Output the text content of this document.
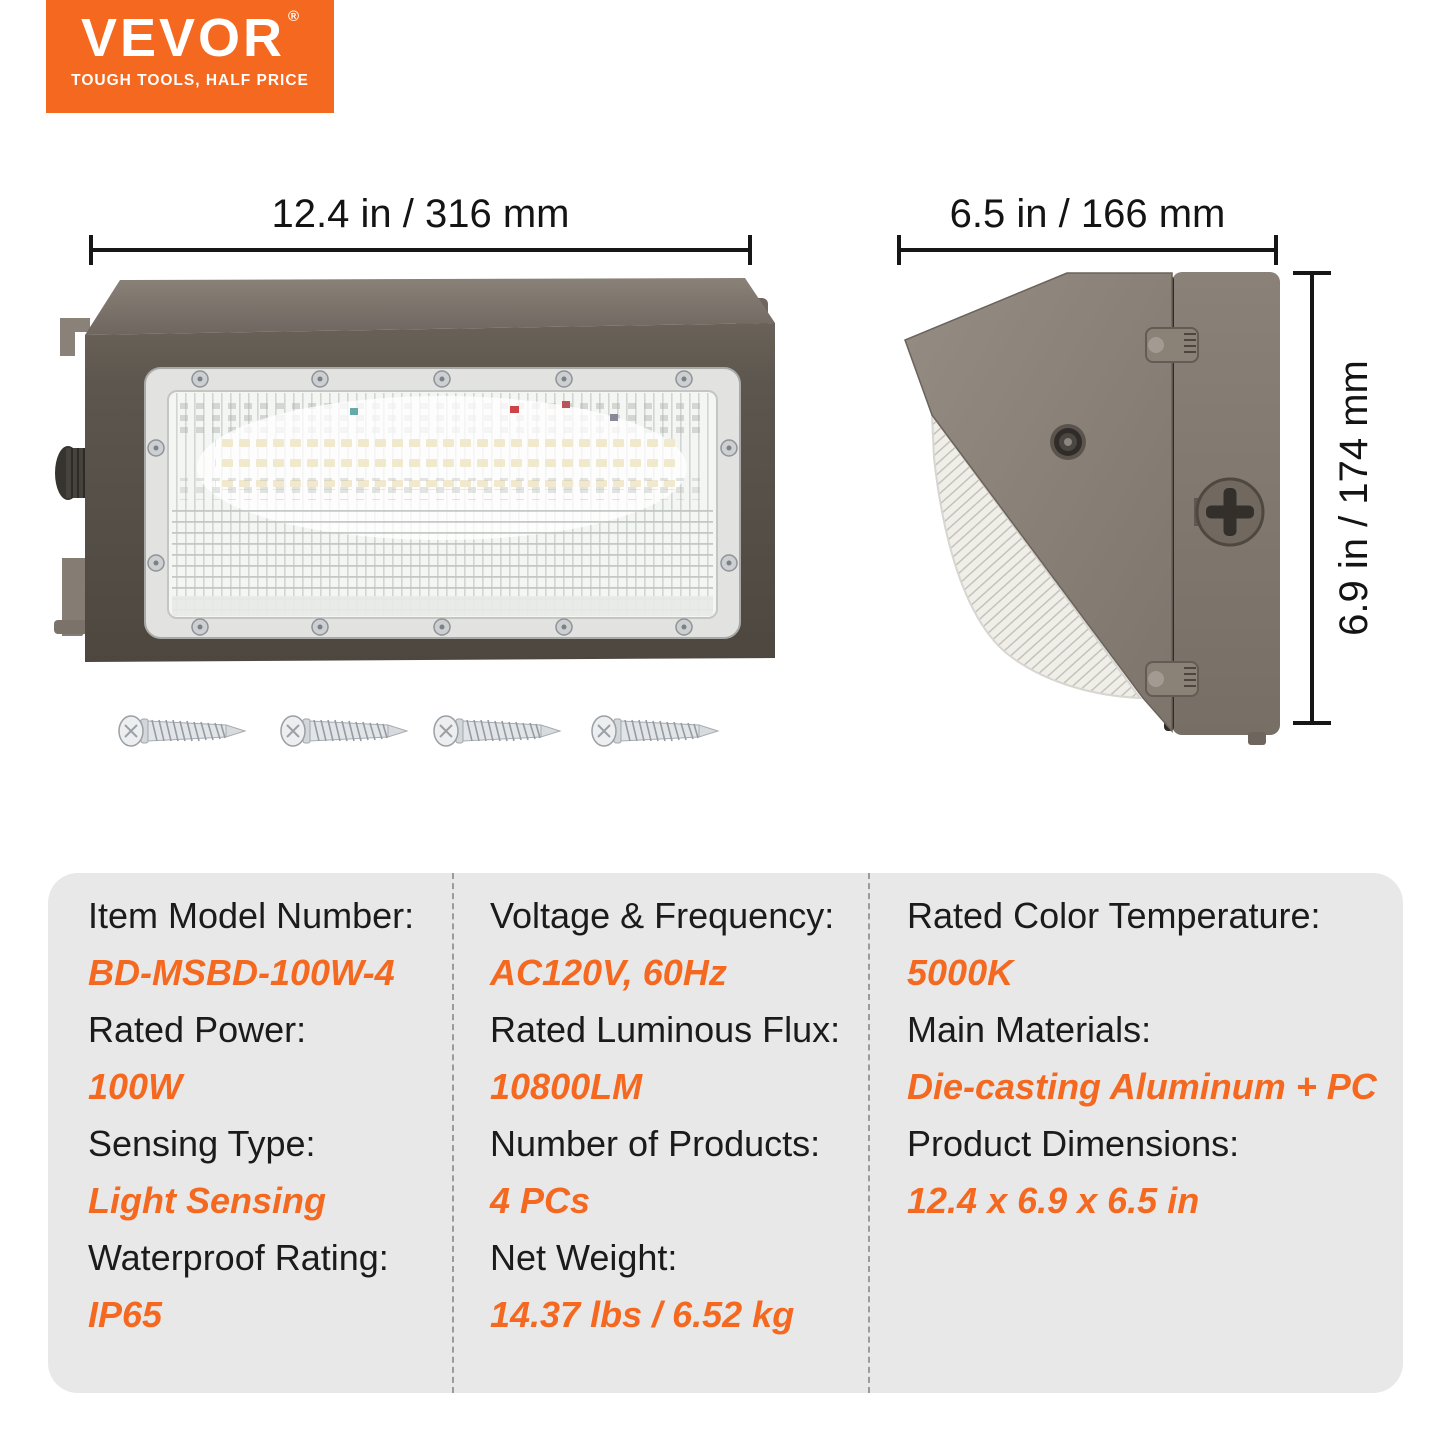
VEVOR ®
TOUGH TOOLS, HALF PRICE
12.4 in / 316 mm	6.5 in / 166 mm
6.9 in / 174 mm

Item Model Number:

BD-MSBD-100W-4

Rated Power:

100W

Sensing Type:

Light Sensing

Waterproof Rating:

IP65

Voltage & Frequency:

AC120V, 60Hz

Rated Luminous Flux:

10800LM

Number of Products:

4 PCs

Net Weight:

14.37 lbs / 6.52 kg

Rated Color Temperature:

5000K

Main Materials:

Die-casting Aluminum + PC

Product Dimensions:

12.4 x 6.9 x 6.5 in
